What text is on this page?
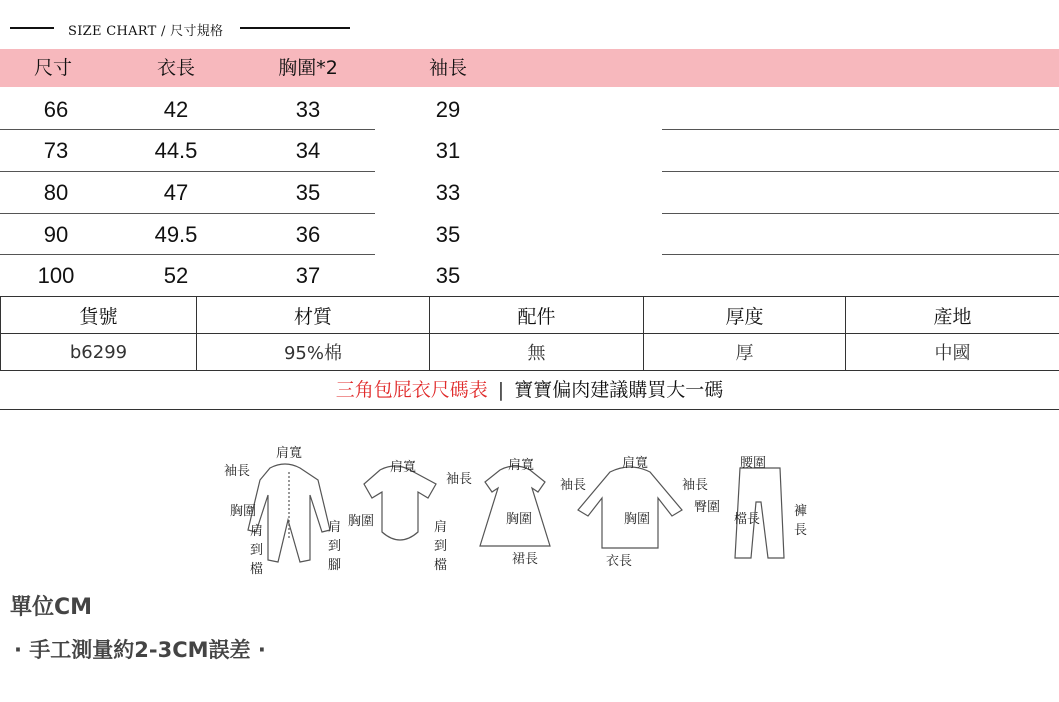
SIZE CHART / 尺寸規格
尺寸	衣長	胸圍*2	袖長
66	42	33	29
73	44.5	34	31
80	47	35	33
90	49.5	36	35
100	52	37	35
貨號	材質	配件	厚度	產地
b6299	95%棉	無	厚	中國
三角包屁衣尺碼表 | 寶寶偏肉建議購買大一碼
袖長
肩寬
胸圍
肩到檔
肩到腳
肩寬
袖長
胸圍	肩到檔
肩寬
袖長
胸圍
裙長
肩寬
袖長
胸圍
衣長
腰圍
臀圍
檔長
褲長
單位CM
· 手工測量約2-3CM誤差 ·
